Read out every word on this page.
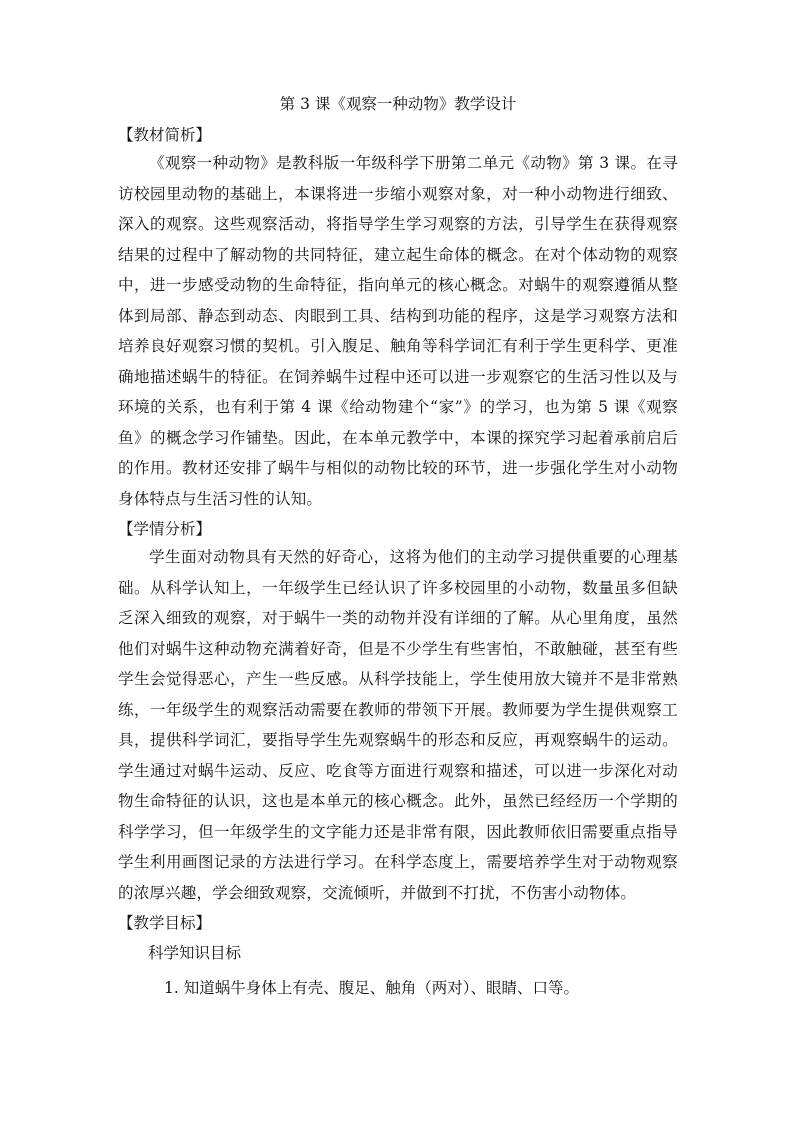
第 3 课《观察一种动物》教学设计

【教材简析】

《观察一种动物》是教科版一年级科学下册第二单元《动物》第 3 课。在寻访校园里动物的基础上，本课将进一步缩小观察对象，对一种小动物进行细致、深入的观察。这些观察活动，将指导学生学习观察的方法，引导学生在获得观察结果的过程中了解动物的共同特征，建立起生命体的概念。在对个体动物的观察中，进一步感受动物的生命特征，指向单元的核心概念。对蜗牛的观察遵循从整体到局部、静态到动态、肉眼到工具、结构到功能的程序，这是学习观察方法和培养良好观察习惯的契机。引入腹足、触角等科学词汇有利于学生更科学、更准确地描述蜗牛的特征。在饲养蜗牛过程中还可以进一步观察它的生活习性以及与环境的关系，也有利于第 4 课《给动物建个“家”》的学习，也为第 5 课《观察鱼》的概念学习作铺垫。因此，在本单元教学中，本课的探究学习起着承前启后的作用。教材还安排了蜗牛与相似的动物比较的环节，进一步强化学生对小动物身体特点与生活习性的认知。

【学情分析】

学生面对动物具有天然的好奇心，这将为他们的主动学习提供重要的心理基础。从科学认知上，一年级学生已经认识了许多校园里的小动物，数量虽多但缺乏深入细致的观察，对于蜗牛一类的动物并没有详细的了解。从心里角度，虽然他们对蜗牛这种动物充满着好奇，但是不少学生有些害怕，不敢触碰，甚至有些学生会觉得恶心，产生一些反感。从科学技能上，学生使用放大镜并不是非常熟练，一年级学生的观察活动需要在教师的带领下开展。教师要为学生提供观察工具，提供科学词汇，要指导学生先观察蜗牛的形态和反应，再观察蜗牛的运动。学生通过对蜗牛运动、反应、吃食等方面进行观察和描述，可以进一步深化对动物生命特征的认识，这也是本单元的核心概念。此外，虽然已经经历一个学期的科学学习，但一年级学生的文字能力还是非常有限，因此教师依旧需要重点指导学生利用画图记录的方法进行学习。在科学态度上，需要培养学生对于动物观察的浓厚兴趣，学会细致观察，交流倾听，并做到不打扰，不伤害小动物体。

【教学目标】

科学知识目标

1. 知道蜗牛身体上有壳、腹足、触角（两对）、眼睛、口等。
